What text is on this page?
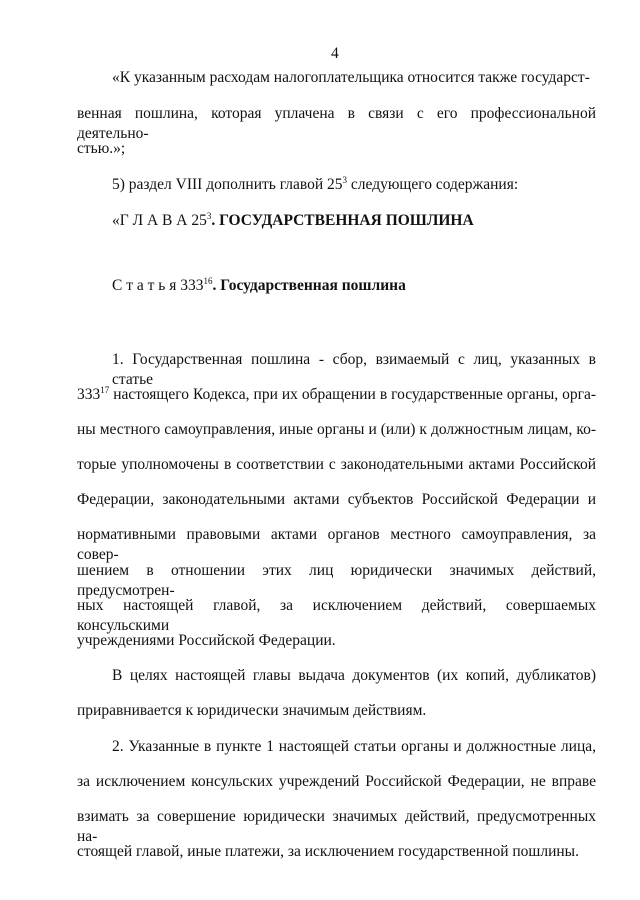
4
«К указанным расходам налогоплательщика относится также государст-
венная пошлина, которая уплачена в связи с его профессиональной деятельно-
стью.»;
5) раздел VIII дополнить главой $25^3$ следующего содержания:
«Г Л А В А $25^3$. ГОСУДАРСТВЕННАЯ ПОШЛИНА
С т а т ь я $333^{16}$. Государственная пошлина
1. Государственная пошлина - сбор, взимаемый с лиц, указанных в статье
$333^{17}$ настоящего Кодекса, при их обращении в государственные органы, орга-
ны местного самоуправления, иные органы и (или) к должностным лицам, ко-
торые уполномочены в соответствии с законодательными актами Российской
Федерации, законодательными актами субъектов Российской Федерации и
нормативными правовыми актами органов местного самоуправления, за совер-
шением в отношении этих лиц юридически значимых действий, предусмотрен-
ных настоящей главой, за исключением действий, совершаемых консульскими
учреждениями Российской Федерации.
В целях настоящей главы выдача документов (их копий, дубликатов)
приравнивается к юридически значимым действиям.
2. Указанные в пункте 1 настоящей статьи органы и должностные лица,
за исключением консульских учреждений Российской Федерации, не вправе
взимать за совершение юридически значимых действий, предусмотренных на-
стоящей главой, иные платежи, за исключением государственной пошлины.
